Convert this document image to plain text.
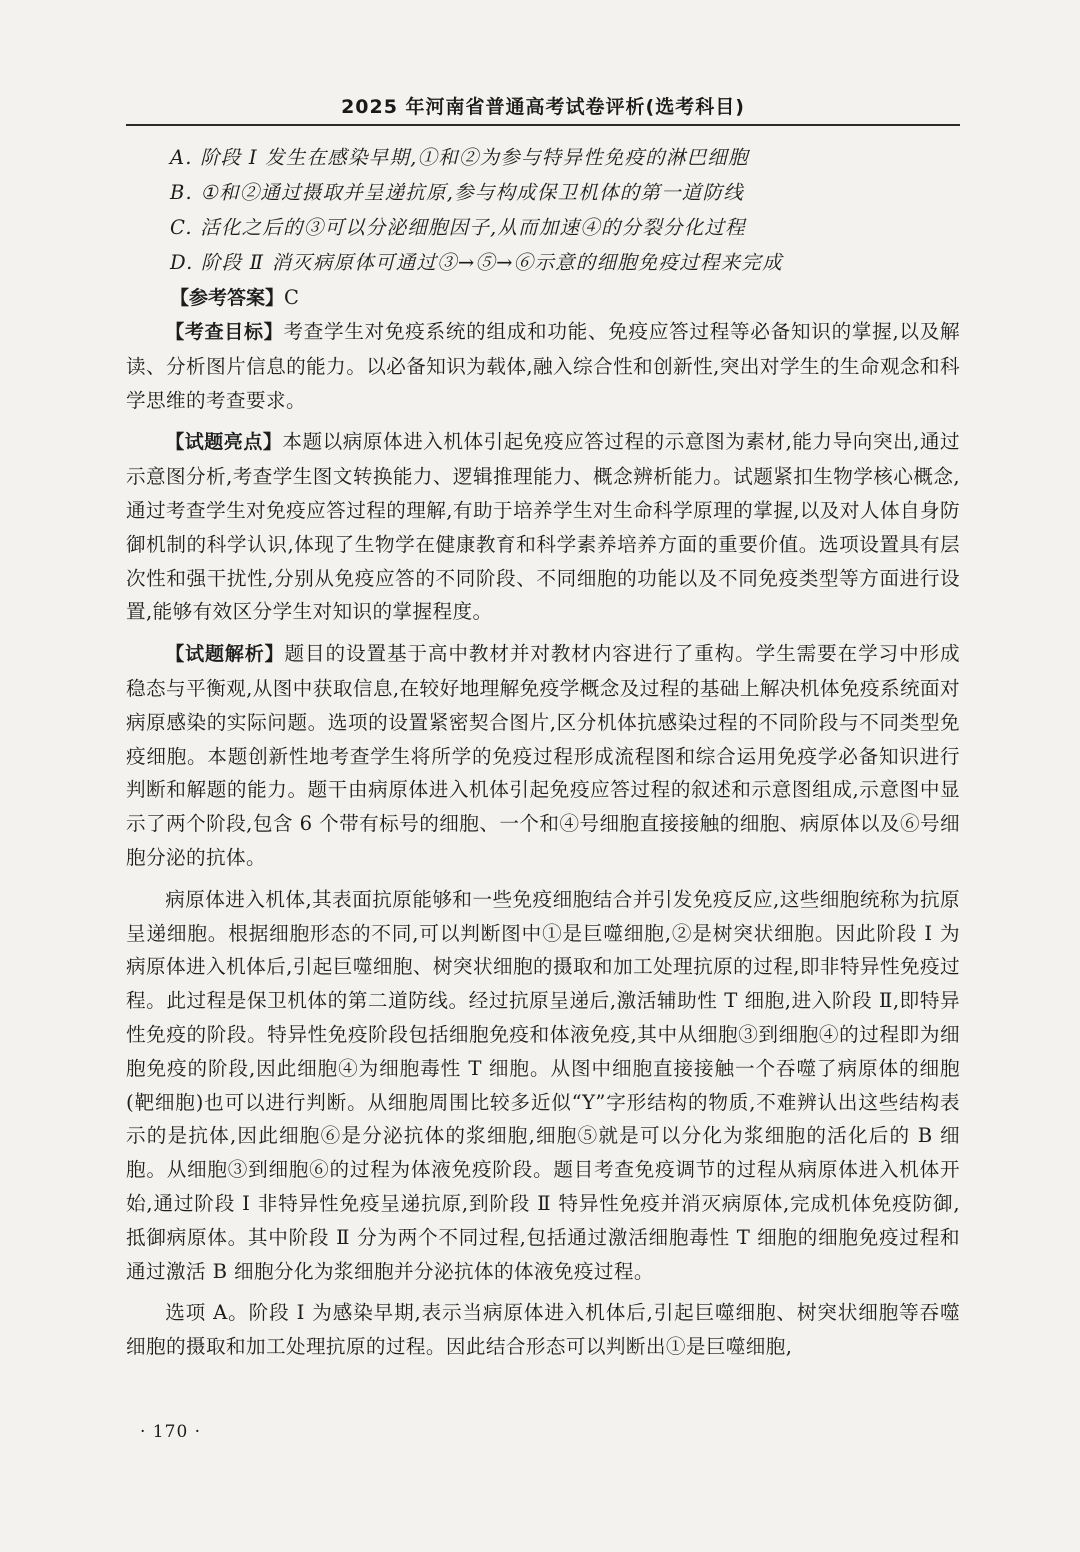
2025 年河南省普通高考试卷评析(选考科目)
A. 阶段 Ⅰ 发生在感染早期,①和②为参与特异性免疫的淋巴细胞
B. ①和②通过摄取并呈递抗原,参与构成保卫机体的第一道防线
C. 活化之后的③可以分泌细胞因子,从而加速④的分裂分化过程
D. 阶段 Ⅱ 消灭病原体可通过③→⑤→⑥示意的细胞免疫过程来完成
【参考答案】C

【考查目标】考查学生对免疫系统的组成和功能、免疫应答过程等必备知识的掌握,以及解读、分析图片信息的能力。以必备知识为载体,融入综合性和创新性,突出对学生的生命观念和科学思维的考查要求。

【试题亮点】本题以病原体进入机体引起免疫应答过程的示意图为素材,能力导向突出,通过示意图分析,考查学生图文转换能力、逻辑推理能力、概念辨析能力。试题紧扣生物学核心概念,通过考查学生对免疫应答过程的理解,有助于培养学生对生命科学原理的掌握,以及对人体自身防御机制的科学认识,体现了生物学在健康教育和科学素养培养方面的重要价值。选项设置具有层次性和强干扰性,分别从免疫应答的不同阶段、不同细胞的功能以及不同免疫类型等方面进行设置,能够有效区分学生对知识的掌握程度。

【试题解析】题目的设置基于高中教材并对教材内容进行了重构。学生需要在学习中形成稳态与平衡观,从图中获取信息,在较好地理解免疫学概念及过程的基础上解决机体免疫系统面对病原感染的实际问题。选项的设置紧密契合图片,区分机体抗感染过程的不同阶段与不同类型免疫细胞。本题创新性地考查学生将所学的免疫过程形成流程图和综合运用免疫学必备知识进行判断和解题的能力。题干由病原体进入机体引起免疫应答过程的叙述和示意图组成,示意图中显示了两个阶段,包含 6 个带有标号的细胞、一个和④号细胞直接接触的细胞、病原体以及⑥号细胞分泌的抗体。

病原体进入机体,其表面抗原能够和一些免疫细胞结合并引发免疫反应,这些细胞统称为抗原呈递细胞。根据细胞形态的不同,可以判断图中①是巨噬细胞,②是树突状细胞。因此阶段 Ⅰ 为病原体进入机体后,引起巨噬细胞、树突状细胞的摄取和加工处理抗原的过程,即非特异性免疫过程。此过程是保卫机体的第二道防线。经过抗原呈递后,激活辅助性 T 细胞,进入阶段 Ⅱ,即特异性免疫的阶段。特异性免疫阶段包括细胞免疫和体液免疫,其中从细胞③到细胞④的过程即为细胞免疫的阶段,因此细胞④为细胞毒性 T 细胞。从图中细胞直接接触一个吞噬了病原体的细胞(靶细胞)也可以进行判断。从细胞周围比较多近似“Y”字形结构的物质,不难辨认出这些结构表示的是抗体,因此细胞⑥是分泌抗体的浆细胞,细胞⑤就是可以分化为浆细胞的活化后的 B 细胞。从细胞③到细胞⑥的过程为体液免疫阶段。题目考查免疫调节的过程从病原体进入机体开始,通过阶段 Ⅰ 非特异性免疫呈递抗原,到阶段 Ⅱ 特异性免疫并消灭病原体,完成机体免疫防御,抵御病原体。其中阶段 Ⅱ 分为两个不同过程,包括通过激活细胞毒性 T 细胞的细胞免疫过程和通过激活 B 细胞分化为浆细胞并分泌抗体的体液免疫过程。

选项 A。阶段 Ⅰ 为感染早期,表示当病原体进入机体后,引起巨噬细胞、树突状细胞等吞噬细胞的摄取和加工处理抗原的过程。因此结合形态可以判断出①是巨噬细胞,

· 170 ·
